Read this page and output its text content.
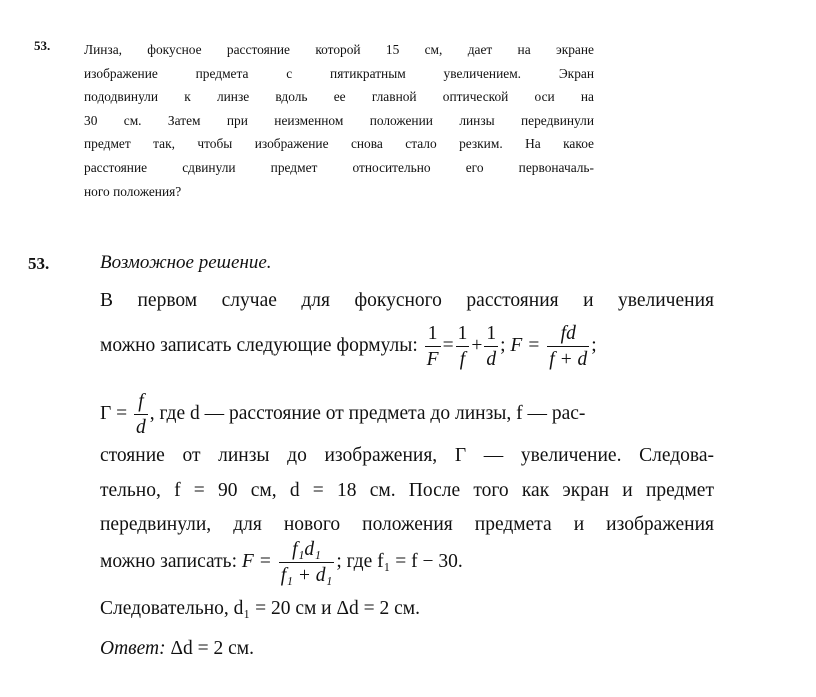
53.	Линза, фокусное расстояние которой 15 см, дает на экране
изображение предмета с пятикратным увеличением. Экран
пододвинули к линзе вдоль ее главной оптической оси на
30 см. Затем при неизменном положении линзы передвинули
предмет так, чтобы изображение снова стало резким. На какое
расстояние сдвинули предмет относительно его первоначаль-
ного положения?
53.	Возможное решение.
В первом случае для фокусного расстояния и увеличения
можно записать следующие формулы: $\frac{1}{F} = \frac{1}{f} + \frac{1}{d}$ ; $F = \frac{fd}{f + d}$ ;
$\Gamma = \frac{f}{d}$ , где d — расстояние от предмета до линзы, f — рас-
стояние от линзы до изображения, Γ — увеличение. Следова-
тельно, f = 90 см, d = 18 см. После того как экран и предмет
передвинули, для нового положения предмета и изображения
можно записать: $F = \frac{\text{f₁d₁}}{\text{f₁ + d₁}}$ ; где f₁ = f − 30.
Следовательно, d₁ = 20 см и Δd = 2 см.
Ответ: Δd = 2 см.
